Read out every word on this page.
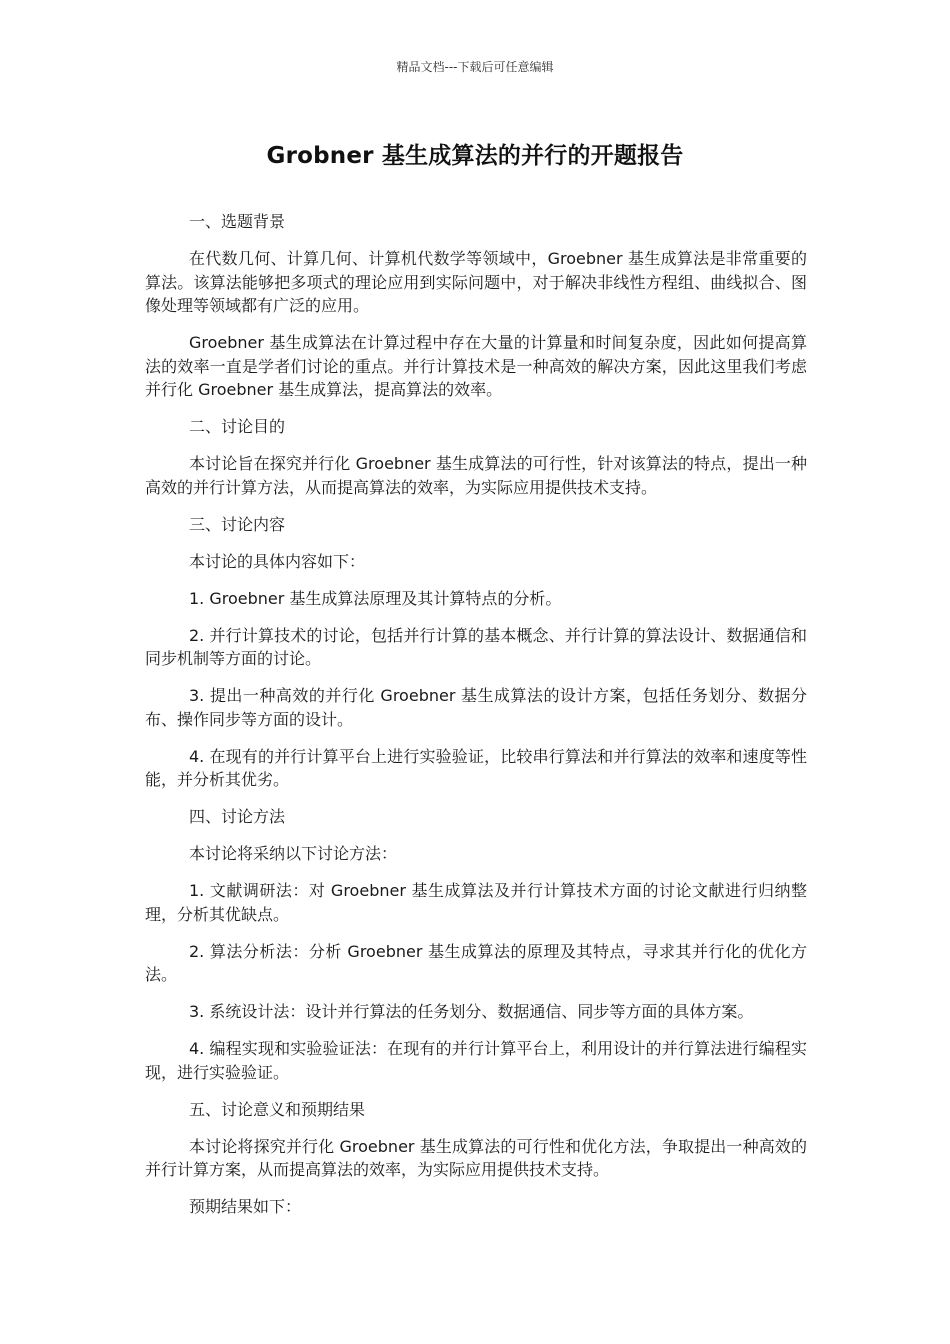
精品文档---下载后可任意编辑
Grobner 基生成算法的并行的开题报告

一、选题背景

在代数几何、计算几何、计算机代数学等领域中，Groebner 基生成算法是非常重要的算法。该算法能够把多项式的理论应用到实际问题中，对于解决非线性方程组、曲线拟合、图像处理等领域都有广泛的应用。

Groebner 基生成算法在计算过程中存在大量的计算量和时间复杂度，因此如何提高算法的效率一直是学者们讨论的重点。并行计算技术是一种高效的解决方案，因此这里我们考虑并行化 Groebner 基生成算法，提高算法的效率。

二、讨论目的

本讨论旨在探究并行化 Groebner 基生成算法的可行性，针对该算法的特点，提出一种高效的并行计算方法，从而提高算法的效率，为实际应用提供技术支持。

三、讨论内容

本讨论的具体内容如下：

1. Groebner 基生成算法原理及其计算特点的分析。

2. 并行计算技术的讨论，包括并行计算的基本概念、并行计算的算法设计、数据通信和同步机制等方面的讨论。

3. 提出一种高效的并行化 Groebner 基生成算法的设计方案，包括任务划分、数据分布、操作同步等方面的设计。

4. 在现有的并行计算平台上进行实验验证，比较串行算法和并行算法的效率和速度等性能，并分析其优劣。

四、讨论方法

本讨论将采纳以下讨论方法：

1. 文献调研法：对 Groebner 基生成算法及并行计算技术方面的讨论文献进行归纳整理，分析其优缺点。

2. 算法分析法：分析 Groebner 基生成算法的原理及其特点，寻求其并行化的优化方法。

3. 系统设计法：设计并行算法的任务划分、数据通信、同步等方面的具体方案。

4. 编程实现和实验验证法：在现有的并行计算平台上，利用设计的并行算法进行编程实现，进行实验验证。

五、讨论意义和预期结果

本讨论将探究并行化 Groebner 基生成算法的可行性和优化方法，争取提出一种高效的并行计算方案，从而提高算法的效率，为实际应用提供技术支持。

预期结果如下：
